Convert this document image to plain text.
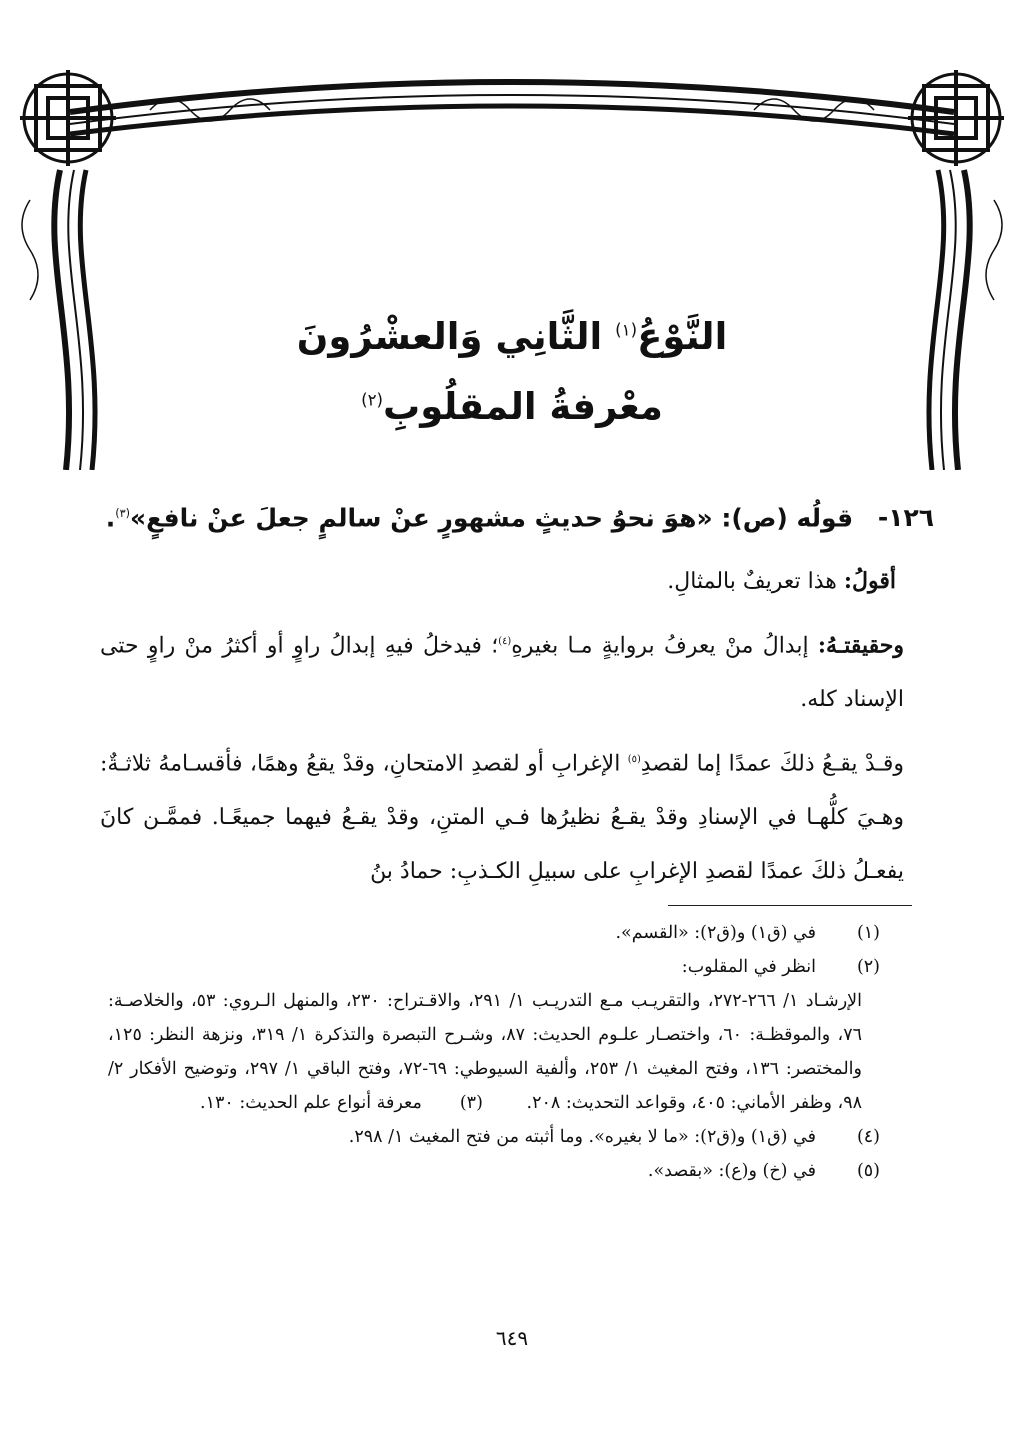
النَّوْعُ$^{(١)}$ الثَّانِي وَالعشْرُونَ
معْرفةُ المقلُوبِ$^{(٢)}$
١٢٦- قولُه (ص): «هوَ نحوُ حديثٍ مشهورٍ عنْ سالمٍ جعلَ عنْ نافعٍ»$^{(٣)}$.
أقولُ: هذا تعريفٌ بالمثالِ.
وحقيقتـهُ: إبدالُ منْ يعرفُ بروايةٍ مـا بغيرهِ$^{(٤)}$؛ فيدخلُ فيهِ إبدالُ راوٍ أو أكثرُ منْ راوٍ حتى الإسناد كله.
وقـدْ يقـعُ ذلكَ عمدًا إما لقصدِ$^{(٥)}$ الإغرابِ أو لقصدِ الامتحانِ، وقدْ يقعُ وهمًا، فأقسـامهُ ثلاثـةٌ: وهـيَ كلُّهـا في الإسنادِ وقدْ يقـعُ نظيرُها فـي المتنِ، وقدْ يقـعُ فيهما جميعًـا. فممَّـن كانَ يفعـلُ ذلكَ عمدًا لقصدِ الإغرابِ على سبيلِ الكـذبِ: حمادُ بنُ
(١)
في (ق١) و(ق٢): «القسم».
(٢)
انظر في المقلوب:
الإرشـاد ١/ ٢٦٦-٢٧٢، والتقريـب مـع التدريـب ١/ ٢٩١، والاقـتراح: ٢٣٠، والمنهل الـروي: ٥٣، والخلاصـة: ٧٦، والموقظـة: ٦٠، واختصـار علـوم الحديث: ٨٧، وشـرح التبصرة والتذكرة ١/ ٣١٩، ونزهة النظر: ١٢٥، والمختصر: ١٣٦، وفتح المغيث ١/ ٢٥٣، وألفية السيوطي: ٦٩-٧٢، وفتح الباقي ١/ ٢٩٧، وتوضيح الأفكار ٢/ ٩٨، وظفر الأماني: ٤٠٥، وقواعد التحديث: ٢٠٨. (٣)معرفة أنواع علم الحديث: ١٣٠.
(٤)
في (ق١) و(ق٢): «ما لا بغيره». وما أثبته من فتح المغيث ١/ ٢٩٨.
(٥)
في (خ) و(ع): «بقصد».
٦٤٩
